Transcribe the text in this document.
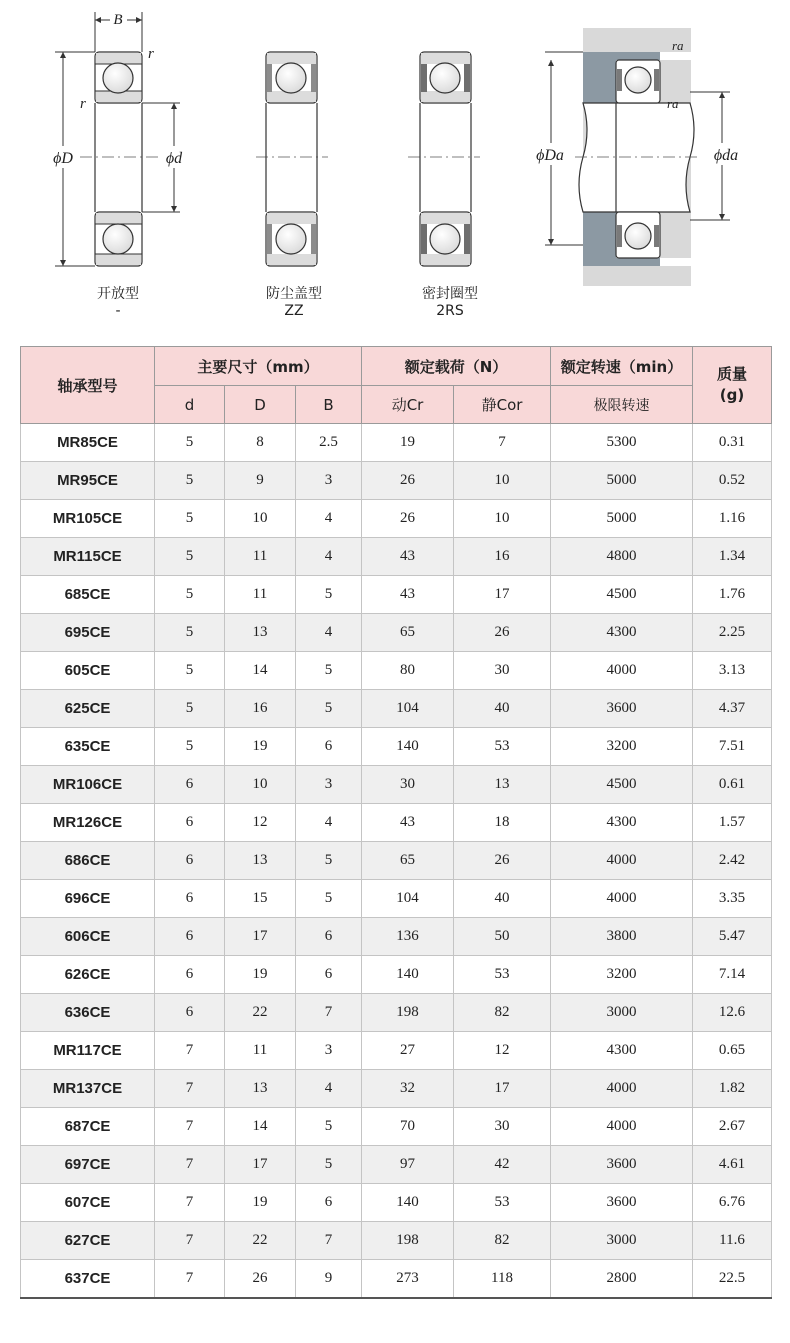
B
r
r
ϕD	ϕd	ϕDa	ϕda
ra
ra
开放型
-
防尘盖型
ZZ
密封圈型
2RS
轴承型号	主要尺寸（mm）			额定载荷（N）		额定转速（min）	质量
(g)
	d	D	B	动Cr	静Cor	极限转速	
MR85CE	5	8	2.5	19	7	5300	0.31
MR95CE	5	9	3	26	10	5000	0.52
MR105CE	5	10	4	26	10	5000	1.16
MR115CE	5	11	4	43	16	4800	1.34
685CE	5	11	5	43	17	4500	1.76
695CE	5	13	4	65	26	4300	2.25
605CE	5	14	5	80	30	4000	3.13
625CE	5	16	5	104	40	3600	4.37
635CE	5	19	6	140	53	3200	7.51
MR106CE	6	10	3	30	13	4500	0.61
MR126CE	6	12	4	43	18	4300	1.57
686CE	6	13	5	65	26	4000	2.42
696CE	6	15	5	104	40	4000	3.35
606CE	6	17	6	136	50	3800	5.47
626CE	6	19	6	140	53	3200	7.14
636CE	6	22	7	198	82	3000	12.6
MR117CE	7	11	3	27	12	4300	0.65
MR137CE	7	13	4	32	17	4000	1.82
687CE	7	14	5	70	30	4000	2.67
697CE	7	17	5	97	42	3600	4.61
607CE	7	19	6	140	53	3600	6.76
627CE	7	22	7	198	82	3000	11.6
637CE	7	26	9	273	118	2800	22.5
